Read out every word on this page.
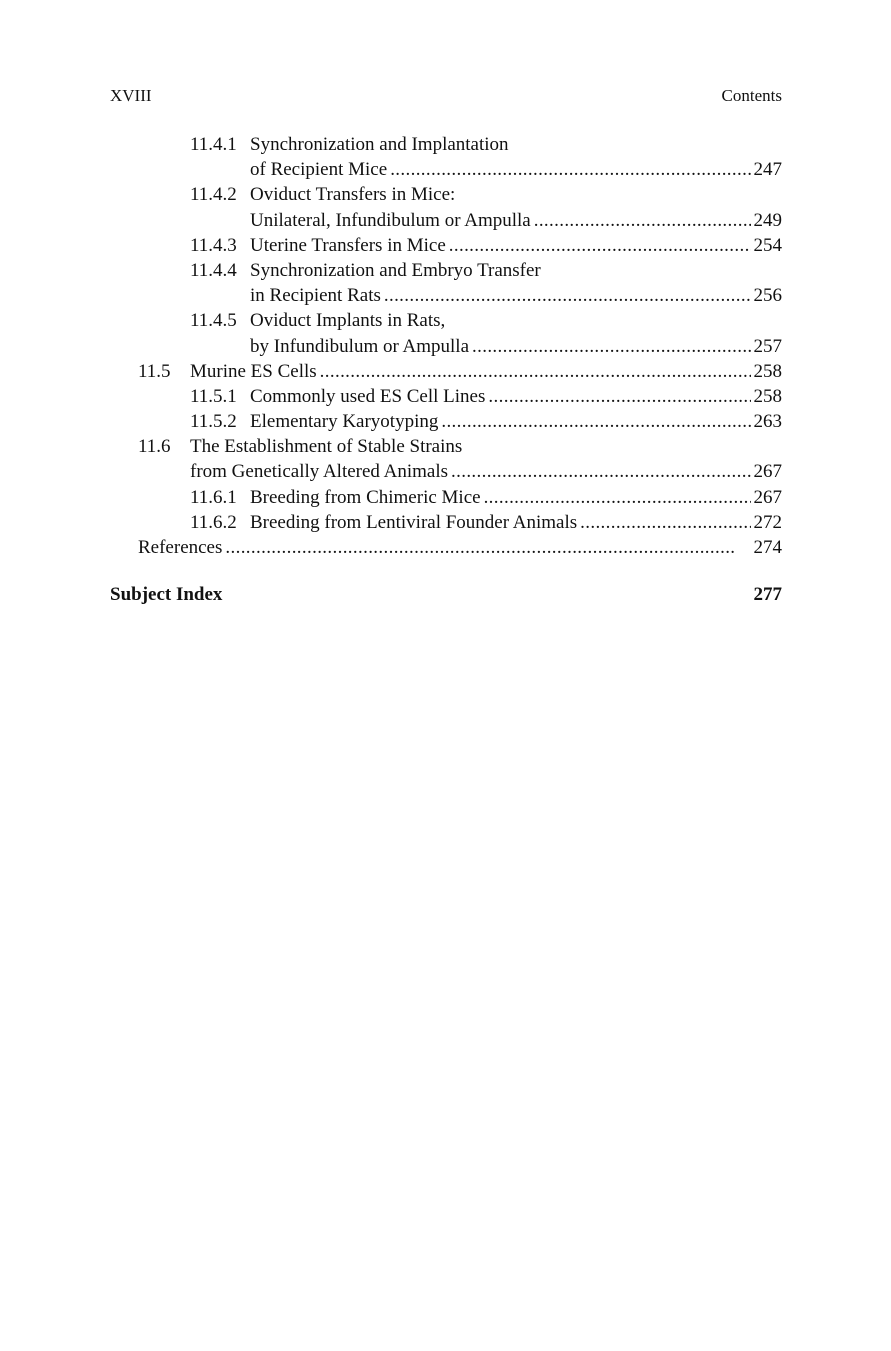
XVIII	Contents
11.4.1 Synchronization and Implantation
of Recipient Mice . . .	247
11.4.2 Oviduct Transfers in Mice:
Unilateral, Infundibulum or Ampulla . . .	249
11.4.3 Uterine Transfers in Mice . . .	254
11.4.4 Synchronization and Embryo Transfer
in Recipient Rats . . .	256
11.4.5 Oviduct Implants in Rats,
by Infundibulum or Ampulla . . .	257
11.5 Murine ES Cells . . .	258
11.5.1 Commonly used ES Cell Lines . . .	258
11.5.2 Elementary Karyotyping . . .	263
11.6 The Establishment of Stable Strains
from Genetically Altered Animals . . .	267
11.6.1 Breeding from Chimeric Mice . . .	267
11.6.2 Breeding from Lentiviral Founder Animals . . .	272
References . . .	274
Subject Index	277
